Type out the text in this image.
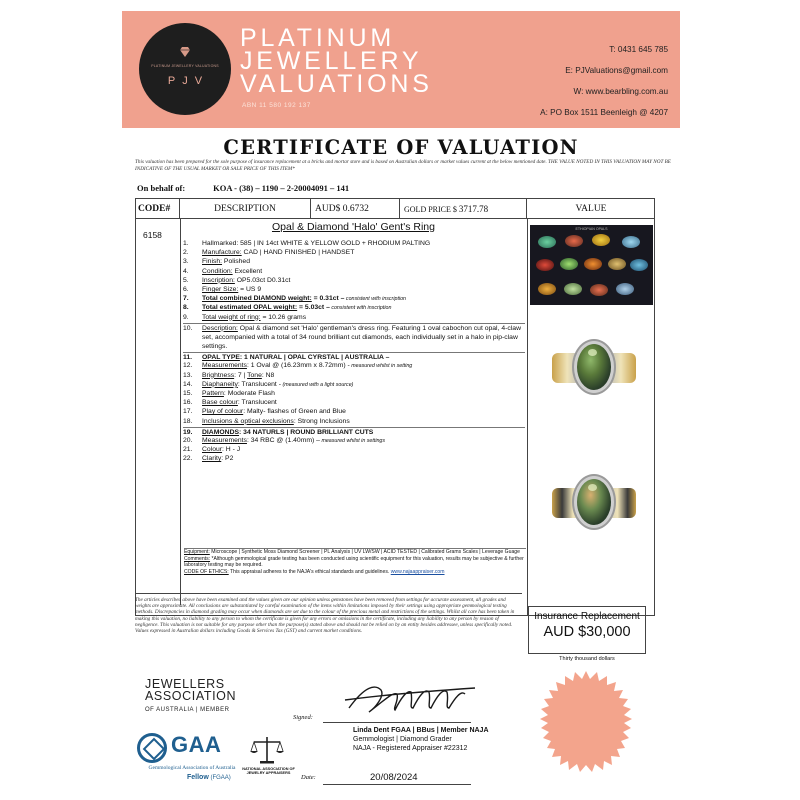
PLATINUM JEWELLERY VALUATIONS
PJV
PLATINUM
JEWELLERY
VALUATIONS
ABN 11 580 192 137
T: 0431 645 785
E: PJValuations@gmail.com
W: www.bearbling.com.au
A: PO Box 1511 Beenleigh @ 4207
CERTIFICATE OF VALUATION
This valuation has been prepared for the sole purpose of insurance replacement at a bricks and mortar store and is based on Australian dollars or market values current at the below mentioned date. THE VALUE NOTED IN THIS VALUATION MAY NOT BE INDICATIVE OF THE USUAL MARKET OR SALE PRICE OF THIS ITEM*
On behalf of:	KOA - (38) – 1190 – 2-20004091 – 141
CODE#	DESCRIPTION	AUD$ 0.6732	GOLD PRICE $ 3717.78	VALUE
6158
Opal & Diamond 'Halo' Gent's Ring
1. Hallmarked: 585 | IN 14ct WHITE & YELLOW GOLD + RHODIUM PALTING
2. Manufacture: CAD | HAND FINISHED | HANDSET
3. Finish: Polished
4. Condition: Excellent
5. Inscription: OP5.03ct D0.31ct
6. Finger Size: = US 9
7. Total combined DIAMOND weight: = 0.31ct – consistent with inscription
8. Total estimated OPAL weight: = 5.03ct – consistent with inscription
9. Total weight of ring: = 10.26 grams
10. Description: Opal & diamond set 'Halo' gentleman's dress ring. Featuring 1 oval cabochon cut opal, 4-claw set, accompanied with a total of 34 round brilliant cut diamonds, each individually set in a halo in pip-claw settings.
11. OPAL TYPE: 1 NATURAL | OPAL CYRSTAL | AUSTRALIA –
12. Measurements: 1 Oval @ (16.23mm x 8.72mm) - measured whilst in setting
13. Brightness: 7 | Tone: N8
14. Diaphaneity: Translucent - (measured with a light source)
15. Pattern: Moderate Flash
16. Base colour: Translucent
17. Play of colour: Malty- flashes of Green and Blue
18. Inclusions & optical exclusions: Strong Inclusions
19. DIAMONDS: 34 NATURLS | ROUND BRILLIANT CUTS
20. Measurements: 34 RBC @ (1.40mm) – measured whilst in settings
21. Colour: H - J
22. Clarity: P2
Equipment: Microscope | Synthetic Moss Diamond Screener | PL Analysis | UV LW/SW | ACID TESTED | Calibrated Grams Scales | Leverage Guage
Comments: *Although gemmological grade testing has been conducted using scientific equipment for this valuation, results may be subjective & further laboratory testing may be required.
CODE OF ETHICS: This appraisal adheres to the NAJA's ethical standards and guidelines. www.najaappraiser.com
ETHIOPIAN OPALS
The articles described above have been examined and the values given are our opinion unless gemstones have been removed from settings for accurate assessment, all grades and weights are approximate. All conclusions are substantiated by careful examination of the items within limitations imposed by their settings using appropriate gemmological testing methods. Discrepancies in diamond grading may occur when diamonds are set due to the colour of the precious metal and restrictions of the settings. Whilst all care has been taken in making this valuation, no liability to any person to whom the certificate is given for any errors or omissions in the certificate, including any liability to any person by reason of negligence. This valuation is not suitable for any purpose other than the purpose(s) stated above and should not be relied on by an entity besides addressee, unless specifically noted. Values expressed in Australian dollars including Goods & Services Tax (GST) and current market conditions.
Insurance Replacement
AUD $30,000
Thirty thousand dollars
JEWELLERS
ASSOCIATION
OF AUSTRALIA | MEMBER
GAA
Gemmological Association of Australia
Fellow (FGAA)
NATIONAL ASSOCIATION OF JEWELRY APPRAISERS
Signed:
Linda Dent FGAA | BBus | Member NAJA
Gemmologist | Diamond Grader
NAJA - Registered Appraiser #22312
Date:	20/08/2024
